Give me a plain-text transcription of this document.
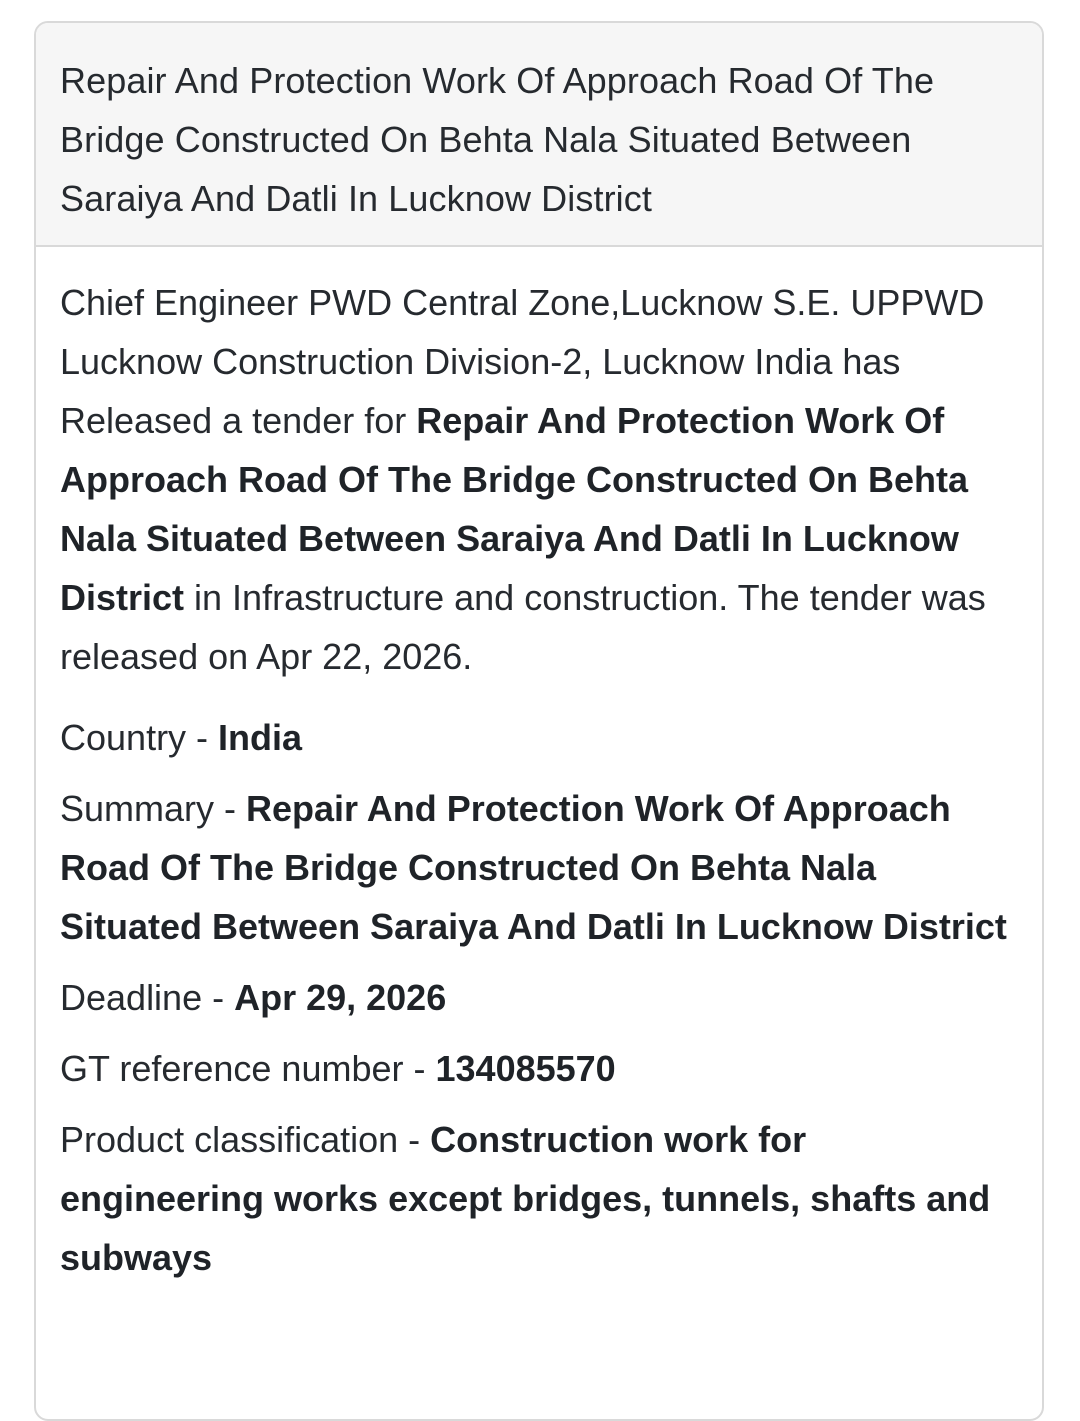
Repair And Protection Work Of Approach Road Of The Bridge Constructed On Behta Nala Situated Between Saraiya And Datli In Lucknow District

Chief Engineer PWD Central Zone,Lucknow S.E. UPPWD Lucknow Construction Division-2, Lucknow India has Released a tender for Repair And Protection Work Of Approach Road Of The Bridge Constructed On Behta Nala Situated Between Saraiya And Datli In Lucknow District in Infrastructure and construction. The tender was released on Apr 22, 2026.

Country - India

Summary - Repair And Protection Work Of Approach Road Of The Bridge Constructed On Behta Nala Situated Between Saraiya And Datli In Lucknow District

Deadline - Apr 29, 2026

GT reference number - 134085570

Product classification - Construction work for engineering works except bridges, tunnels, shafts and subways
